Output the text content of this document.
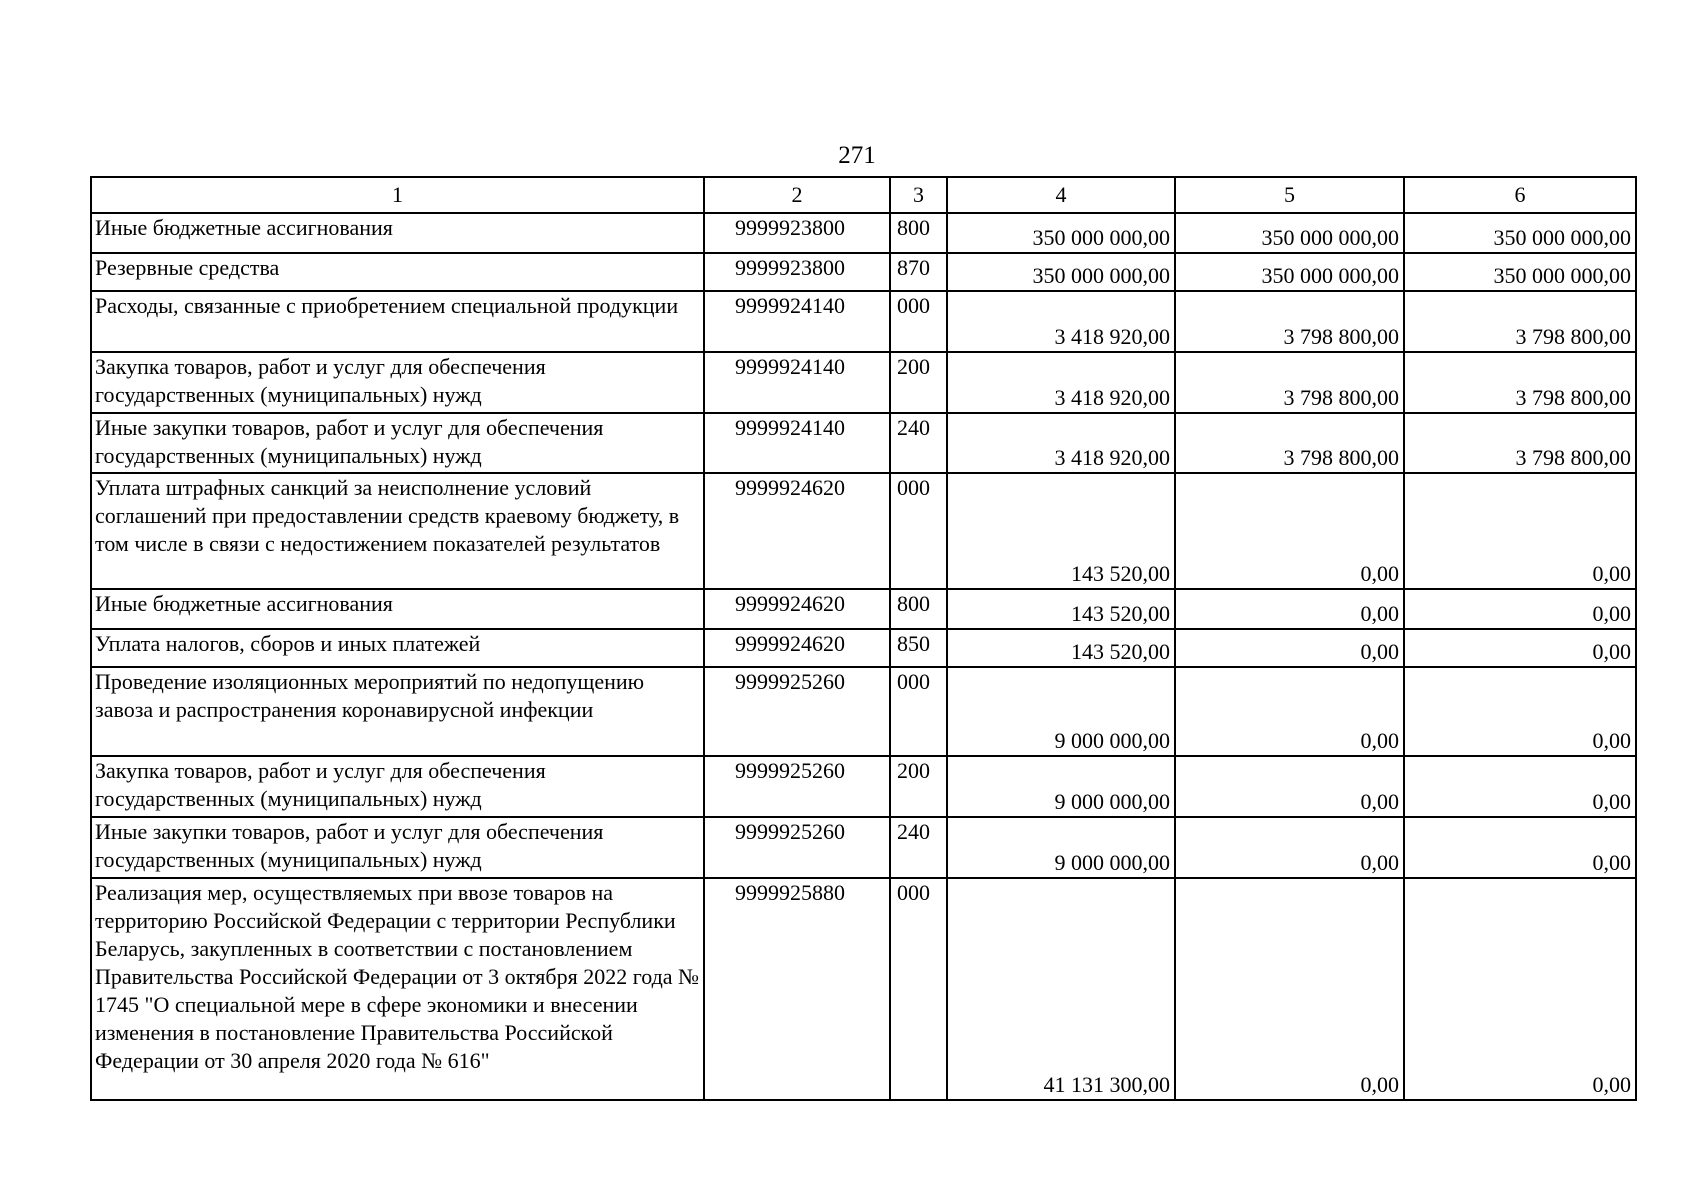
271
1	2	3	4	5	6
Иные бюджетные ассигнования	9999923800	800	350 000 000,00	350 000 000,00	350 000 000,00
Резервные средства	9999923800	870	350 000 000,00	350 000 000,00	350 000 000,00
Расходы, связанные с приобретением специальной продукции	9999924140	000	3 418 920,00	3 798 800,00	3 798 800,00
Закупка товаров, работ и услуг для обеспечения государственных (муниципальных) нужд	9999924140	200	3 418 920,00	3 798 800,00	3 798 800,00
Иные закупки товаров, работ и услуг для обеспечения государственных (муниципальных) нужд	9999924140	240	3 418 920,00	3 798 800,00	3 798 800,00
Уплата штрафных санкций за неисполнение условий соглашений при предоставлении средств краевому бюджету, в том числе в связи с недостижением показателей результатов	9999924620	000	143 520,00	0,00	0,00
Иные бюджетные ассигнования	9999924620	800	143 520,00	0,00	0,00
Уплата налогов, сборов и иных платежей	9999924620	850	143 520,00	0,00	0,00
Проведение изоляционных мероприятий по недопущению завоза и распространения коронавирусной инфекции	9999925260	000	9 000 000,00	0,00	0,00
Закупка товаров, работ и услуг для обеспечения государственных (муниципальных) нужд	9999925260	200	9 000 000,00	0,00	0,00
Иные закупки товаров, работ и услуг для обеспечения государственных (муниципальных) нужд	9999925260	240	9 000 000,00	0,00	0,00
Реализация мер, осуществляемых при ввозе товаров на территорию Российской Федерации с территории Республики Беларусь, закупленных в соответствии с постановлением Правительства Российской Федерации от 3 октября 2022 года № 1745 "О специальной мере в сфере экономики и внесении изменения в постановление Правительства Российской Федерации от 30 апреля 2020 года № 616"	9999925880	000	41 131 300,00	0,00	0,00
